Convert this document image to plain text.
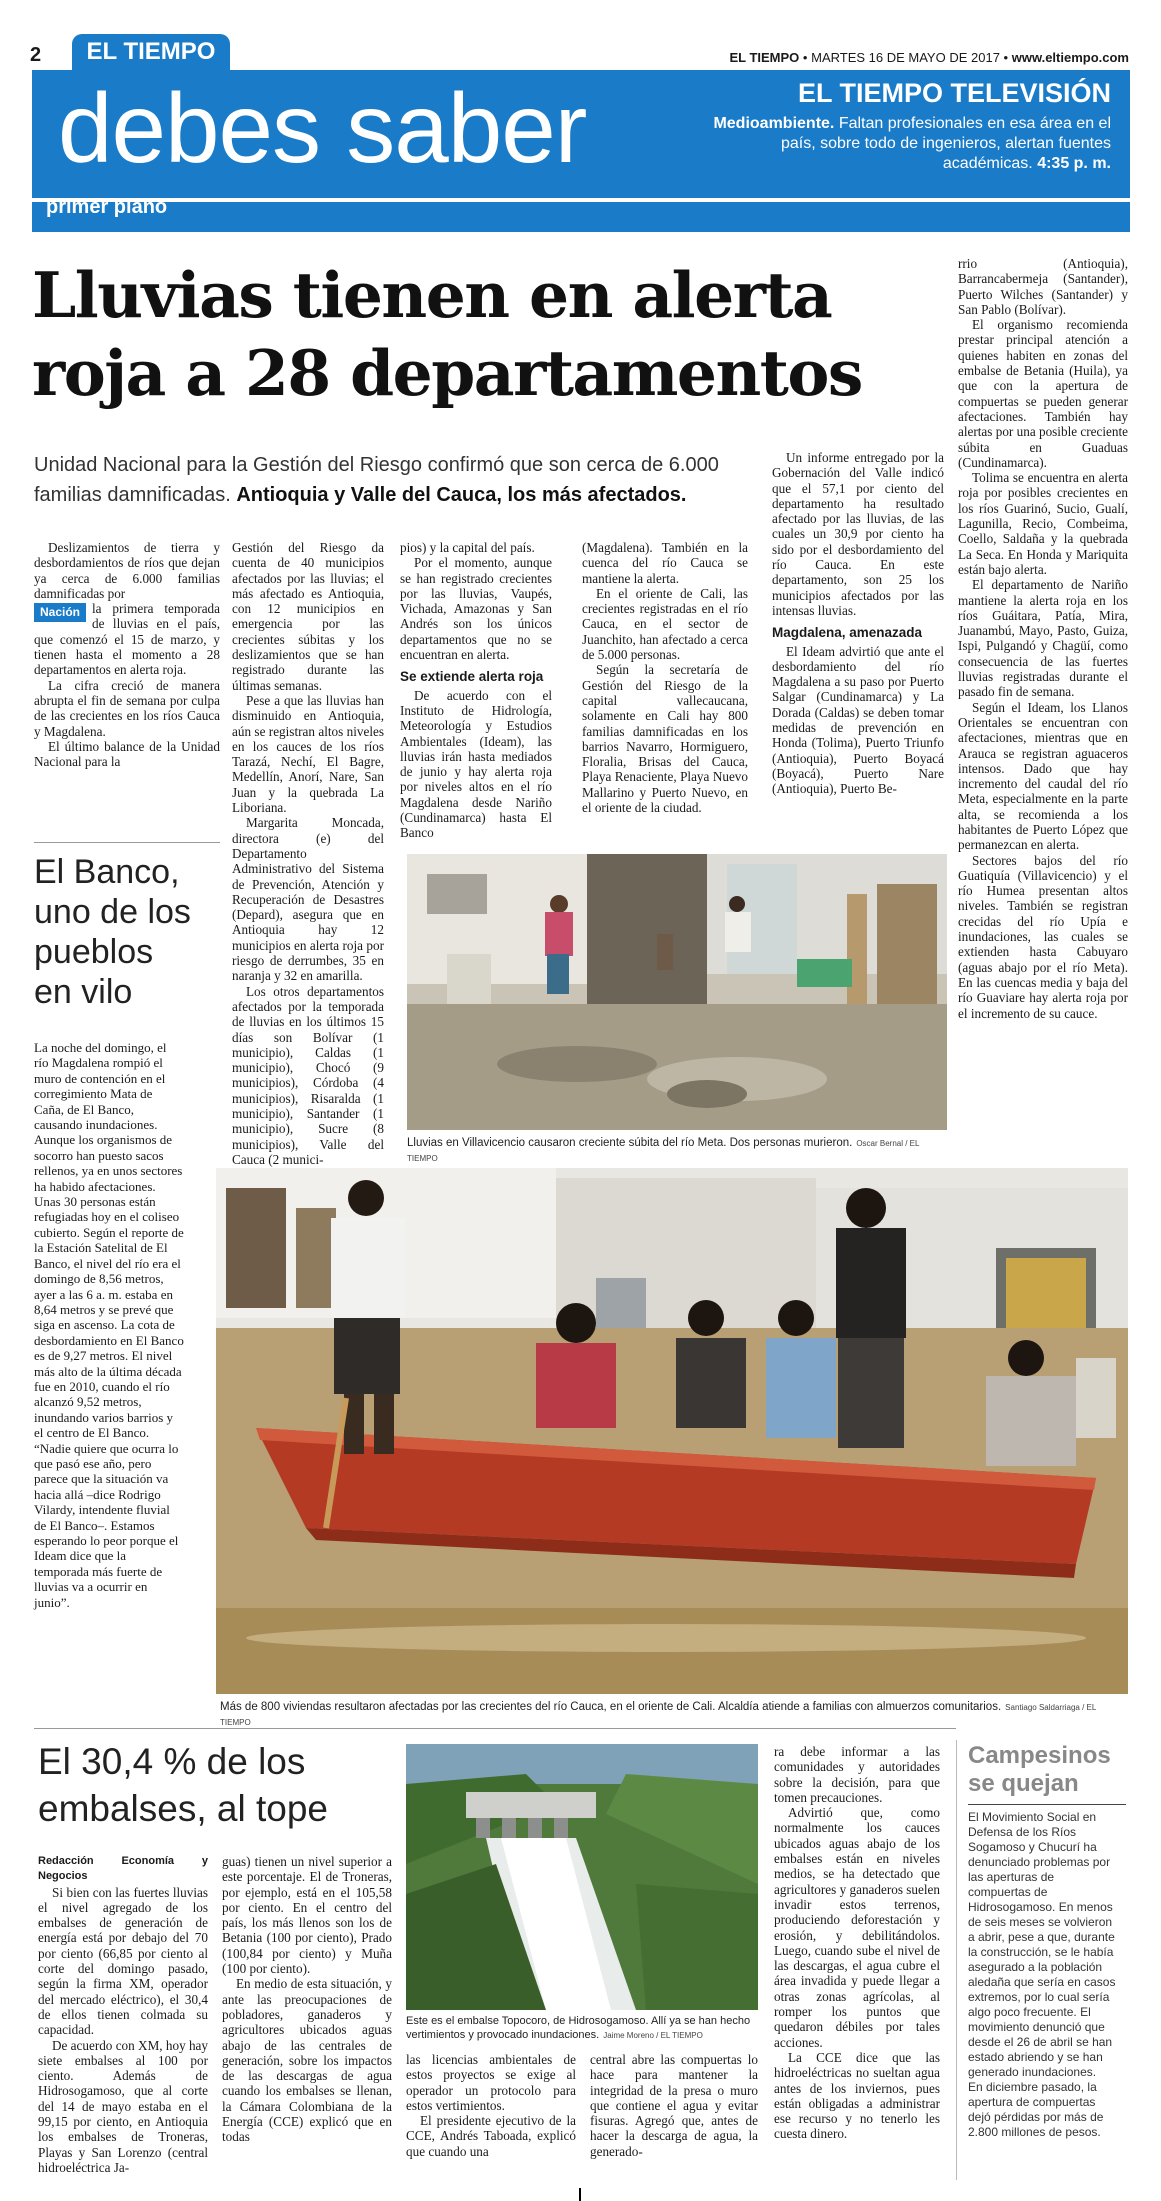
2	EL TIEMPO	EL TIEMPO • MARTES 16 DE MAYO DE 2017 • www.eltiempo.com
debes saber
primer plano
EL TIEMPO TELEVISIÓN
Medioambiente. Faltan profesionales en esa área en el país, sobre todo de ingenieros, alertan fuentes académicas. 4:35 p. m.
Lluvias tienen en alerta
roja a 28 departamentos
Unidad Nacional para la Gestión del Riesgo confirmó que son cerca de 6.000
familias damnificadas. Antioquia y Valle del Cauca, los más afectados.

Deslizamientos de tierra y desbordamientos de ríos que dejan ya cerca de 6.000 familias damnificadas por

Nación la primera temporada de lluvias en el país, que comenzó el 15 de marzo, y tienen hasta el momento a 28 departamentos en alerta roja.

La cifra creció de manera abrupta el fin de semana por culpa de las crecientes en los ríos Cauca y Magdalena.

El último balance de la Unidad Nacional para la

Gestión del Riesgo da cuenta de 40 municipios afectados por las lluvias; el más afectado es Antioquia, con 12 municipios en emergencia por las crecientes súbitas y los deslizamientos que se han registrado durante las últimas semanas.

Pese a que las lluvias han disminuido en Antioquia, aún se registran altos niveles en los cauces de los ríos Tarazá, Nechí, El Bagre, Medellín, Anorí, Nare, San Juan y la quebrada La Liboriana.

Margarita Moncada, directora (e) del Departamento Administrativo del Sistema de Prevención, Atención y Recuperación de Desastres (Depard), asegura que en Antioquia hay 12 municipios en alerta roja por riesgo de derrumbes, 35 en naranja y 32 en amarilla.

Los otros departamentos afectados por la temporada de lluvias en los últimos 15 días son Bolívar (1 municipio), Caldas (1 municipio), Chocó (9 municipios), Córdoba (4 municipios), Risaralda (1 municipio), Santander (1 municipio), Sucre (8 municipios), Valle del Cauca (2 munici-

pios) y la capital del país.

Por el momento, aunque se han registrado crecientes por las lluvias, Vaupés, Vichada, Amazonas y San Andrés son los únicos departamentos que no se encuentran en alerta.

Se extiende alerta roja

De acuerdo con el Instituto de Hidrología, Meteorología y Estudios Ambientales (Ideam), las lluvias irán hasta mediados de junio y hay alerta roja por niveles altos en el río Magdalena desde Nariño (Cundinamarca) hasta El Banco

(Magdalena). También en la cuenca del río Cauca se mantiene la alerta.

En el oriente de Cali, las crecientes registradas en el río Cauca, en el sector de Juanchito, han afectado a cerca de 5.000 personas.

Según la secretaría de Gestión del Riesgo de la capital vallecaucana, solamente en Cali hay 800 familias damnificadas en los barrios Navarro, Hormiguero, Floralia, Brisas del Cauca, Playa Renaciente, Playa Nuevo Mallarino y Puerto Nuevo, en el oriente de la ciudad.

Un informe entregado por la Gobernación del Valle indicó que el 57,1 por ciento del departamento ha resultado afectado por las lluvias, de las cuales un 30,9 por ciento ha sido por el desbordamiento del río Cauca. En este departamento, son 25 los municipios afectados por las intensas lluvias.

Magdalena, amenazada

El Ideam advirtió que ante el desbordamiento del río Magdalena a su paso por Puerto Salgar (Cundinamarca) y La Dorada (Caldas) se deben tomar medidas de prevención en Honda (Tolima), Puerto Triunfo (Antioquia), Puerto Boyacá (Boyacá), Puerto Nare (Antioquia), Puerto Be-

rrio (Antioquia), Barrancabermeja (Santander), Puerto Wilches (Santander) y San Pablo (Bolívar).

El organismo recomienda prestar principal atención a quienes habiten en zonas del embalse de Betania (Huila), ya que con la apertura de compuertas se pueden generar afectaciones. También hay alertas por una posible creciente súbita en Guaduas (Cundinamarca).

Tolima se encuentra en alerta roja por posibles crecientes en los ríos Guarinó, Sucio, Gualí, Lagunilla, Recio, Combeima, Coello, Saldaña y la quebrada La Seca. En Honda y Mariquita están bajo alerta.

El departamento de Nariño mantiene la alerta roja en los ríos Guáitara, Patía, Mira, Juanambú, Mayo, Pasto, Guiza, Ispi, Pulgandó y Chagüí, como consecuencia de las fuertes lluvias registradas durante el pasado fin de semana.

Según el Ideam, los Llanos Orientales se encuentran con afectaciones, mientras que en Arauca se registran aguaceros intensos. Dado que hay incremento del caudal del río Meta, especialmente en la parte alta, se recomienda a los habitantes de Puerto López que permanezcan en alerta.

Sectores bajos del río Guatiquía (Villavicencio) y el río Humea presentan altos niveles. También se registran crecidas del río Upía e inundaciones, las cuales se extienden hasta Cabuyaro (aguas abajo por el río Meta). En las cuencas media y baja del río Guaviare hay alerta roja por el incremento de su cauce.

El Banco,
uno de los
pueblos
en vilo

La noche del domingo, el río Magdalena rompió el muro de contención en el corregimiento Mata de Caña, de El Banco, causando inundaciones. Aunque los organismos de socorro han puesto sacos rellenos, ya en unos sectores ha habido afectaciones. Unas 30 personas están refugiadas hoy en el coliseo cubierto. Según el reporte de la Estación Satelital de El Banco, el nivel del río era el domingo de 8,56 metros, ayer a las 6 a. m. estaba en 8,64 metros y se prevé que siga en ascenso. La cota de desbordamiento en El Banco es de 9,27 metros. El nivel más alto de la última década fue en 2010, cuando el río alcanzó 9,52 metros, inundando varios barrios y el centro de El Banco. “Nadie quiere que ocurra lo que pasó ese año, pero parece que la situación va hacia allá –dice Rodrigo Vilardy, intendente fluvial de El Banco–. Estamos esperando lo peor porque el Ideam dice que la temporada más fuerte de lluvias va a ocurrir en junio”.

Lluvias en Villavicencio causaron creciente súbita del río Meta. Dos personas murieron. Oscar Bernal / EL TIEMPO
Más de 800 viviendas resultaron afectadas por las crecientes del río Cauca, en el oriente de Cali. Alcaldía atiende a familias con almuerzos comunitarios. Santiago Saldarriaga / EL TIEMPO
El 30,4 % de los
embalses, al tope

Redacción Economía y Negocios

Si bien con las fuertes lluvias el nivel agregado de los embalses de generación de energía está por debajo del 70 por ciento (66,85 por ciento al corte del domingo pasado, según la firma XM, operador del mercado eléctrico), el 30,4 de ellos tienen colmada su capacidad.

De acuerdo con XM, hoy hay siete embalses al 100 por ciento. Además de Hidrosogamoso, que al corte del 14 de mayo estaba en el 99,15 por ciento, en Antioquia los embalses de Troneras, Playas y San Lorenzo (central hidroeléctrica Ja-

guas) tienen un nivel superior a este porcentaje. El de Troneras, por ejemplo, está en el 105,58 por ciento. En el centro del país, los más llenos son los de Betania (100 por ciento), Prado (100,84 por ciento) y Muña (100 por ciento).

En medio de esta situación, y ante las preocupaciones de pobladores, ganaderos y agricultores ubicados aguas abajo de las centrales de generación, sobre los impactos de las descargas de agua cuando los embalses se llenan, la Cámara Colombiana de la Energía (CCE) explicó que en todas

Este es el embalse Topocoro, de Hidrosogamoso. Allí ya se han hecho vertimientos y provocado inundaciones. Jaime Moreno / EL TIEMPO

las licencias ambientales de estos proyectos se exige al operador un protocolo para estos vertimientos.

El presidente ejecutivo de la CCE, Andrés Taboada, explicó que cuando una

central abre las compuertas lo hace para mantener la integridad de la presa o muro que contiene el agua y evitar fisuras. Agregó que, antes de hacer la descarga de agua, la generado-

ra debe informar a las comunidades y autoridades sobre la decisión, para que tomen precauciones.

Advirtió que, como normalmente los cauces ubicados aguas abajo de los embalses están en niveles medios, se ha detectado que agricultores y ganaderos suelen invadir estos terrenos, produciendo deforestación y erosión, y debilitándolos. Luego, cuando sube el nivel de las descargas, el agua cubre el área invadida y puede llegar a otras zonas agrícolas, al romper los puntos que quedaron débiles por tales acciones.

La CCE dice que las hidroeléctricas no sueltan agua antes de los inviernos, pues están obligadas a administrar ese recurso y no tenerlo les cuesta dinero.

Campesinos
se quejan

El Movimiento Social en Defensa de los Ríos Sogamoso y Chucurí ha denunciado problemas por las aperturas de compuertas de Hidrosogamoso. En menos de seis meses se volvieron a abrir, pese a que, durante la construcción, se le había asegurado a la población aledaña que sería en casos extremos, por lo cual sería algo poco frecuente. El movimiento denunció que desde el 26 de abril se han estado abriendo y se han generado inundaciones.

En diciembre pasado, la apertura de compuertas dejó pérdidas por más de 2.800 millones de pesos.
